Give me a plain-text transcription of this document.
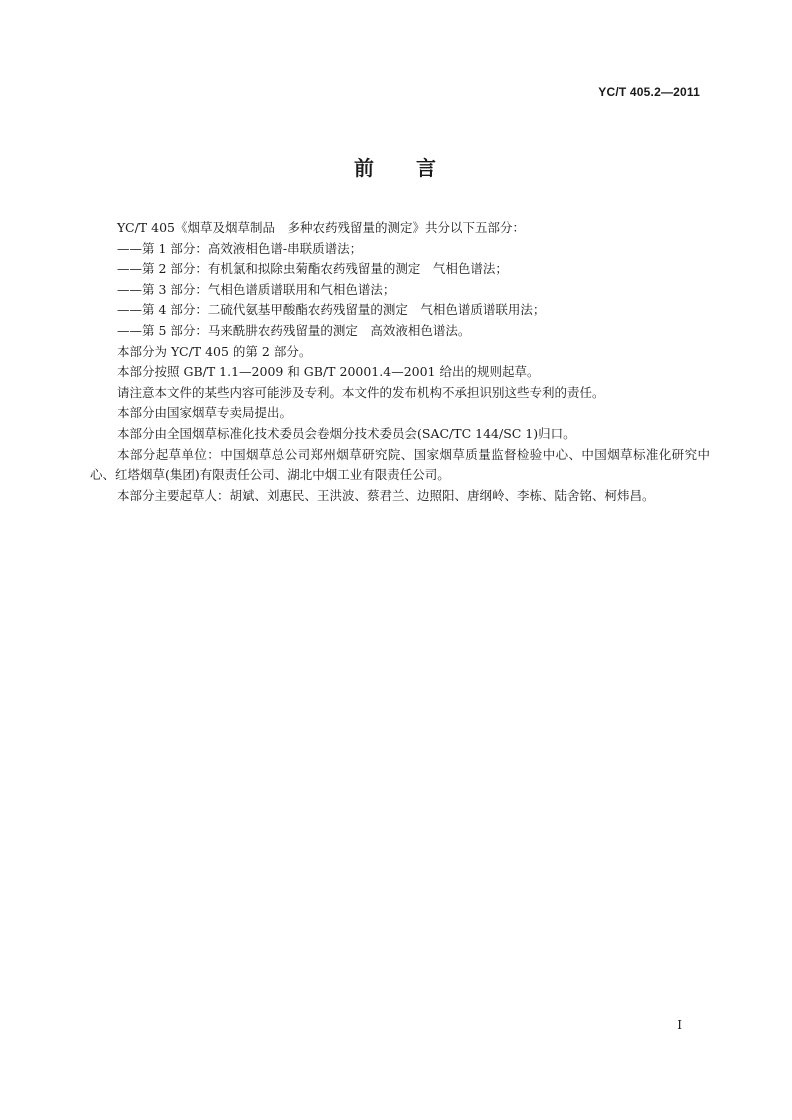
YC/T 405.2—2011
前 言

YC/T 405《烟草及烟草制品　多种农药残留量的测定》共分以下五部分：

——第 1 部分：高效液相色谱-串联质谱法；

——第 2 部分：有机氯和拟除虫菊酯农药残留量的测定　气相色谱法；

——第 3 部分：气相色谱质谱联用和气相色谱法；

——第 4 部分：二硫代氨基甲酸酯农药残留量的测定　气相色谱质谱联用法；

——第 5 部分：马来酰肼农药残留量的测定　高效液相色谱法。

本部分为 YC/T 405 的第 2 部分。

本部分按照 GB/T 1.1—2009 和 GB/T 20001.4—2001 给出的规则起草。

请注意本文件的某些内容可能涉及专利。本文件的发布机构不承担识别这些专利的责任。

本部分由国家烟草专卖局提出。

本部分由全国烟草标准化技术委员会卷烟分技术委员会(SAC/TC 144/SC 1)归口。

本部分起草单位：中国烟草总公司郑州烟草研究院、国家烟草质量监督检验中心、中国烟草标准化研究中心、红塔烟草(集团)有限责任公司、湖北中烟工业有限责任公司。

本部分主要起草人：胡斌、刘惠民、王洪波、蔡君兰、边照阳、唐纲岭、李栋、陆舍铭、柯炜昌。

I
